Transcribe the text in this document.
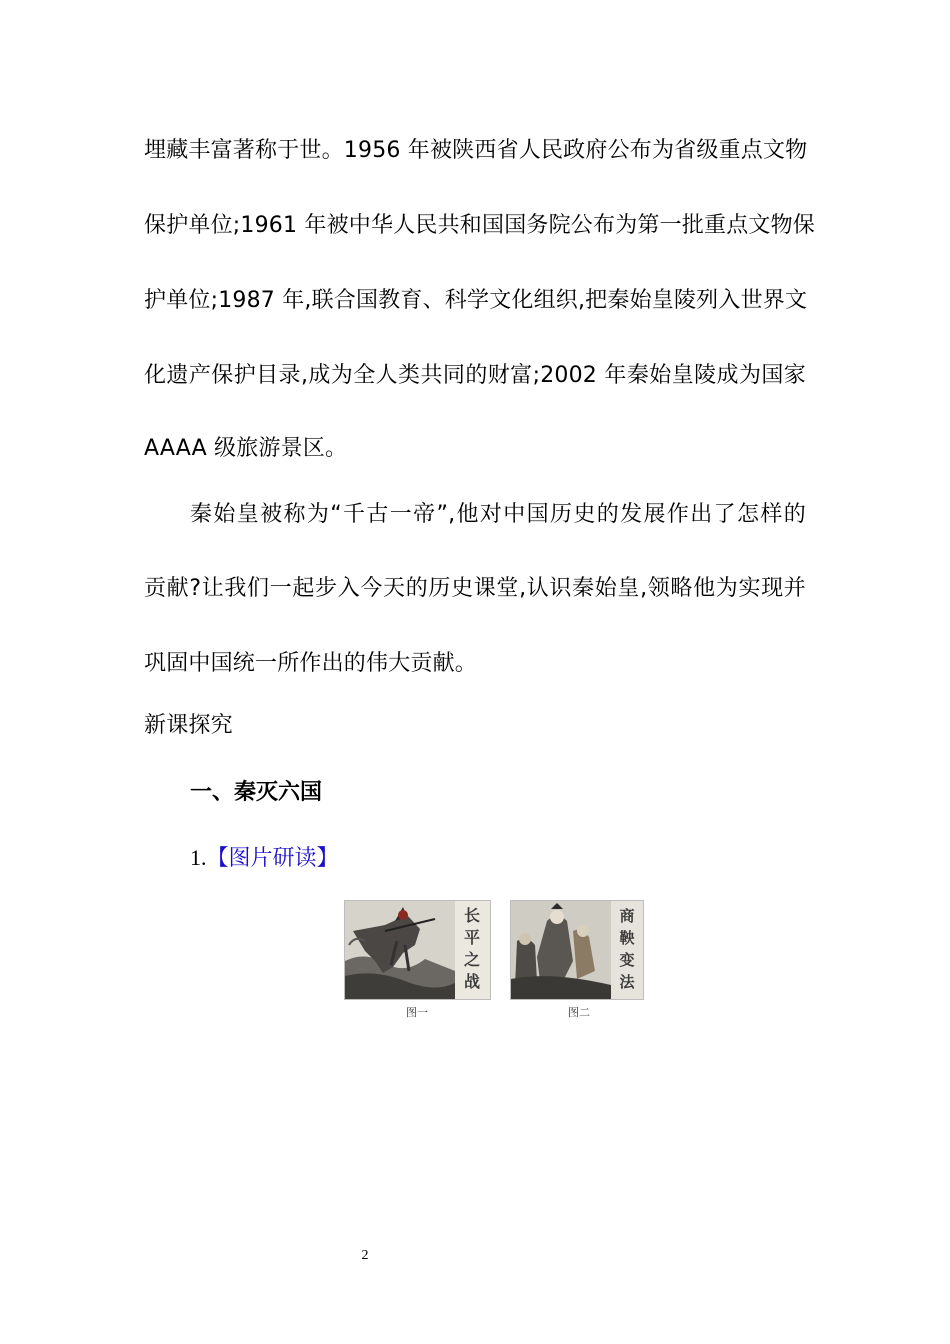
埋藏丰富著称于世。1956 年被陕西省人民政府公布为省级重点文物
保护单位;1961 年被中华人民共和国国务院公布为第一批重点文物保
护单位;1987 年,联合国教育、科学文化组织,把秦始皇陵列入世界文
化遗产保护目录,成为全人类共同的财富;2002 年秦始皇陵成为国家
AAAA 级旅游景区。
秦始皇被称为“千古一帝”,他对中国历史的发展作出了怎样的
贡献?让我们一起步入今天的历史课堂,认识秦始皇,领略他为实现并
巩固中国统一所作出的伟大贡献。
新课探究
一、秦灭六国
1.【图片研读】
长
平
之
战
图一
商
鞅
变
法
图二
2
